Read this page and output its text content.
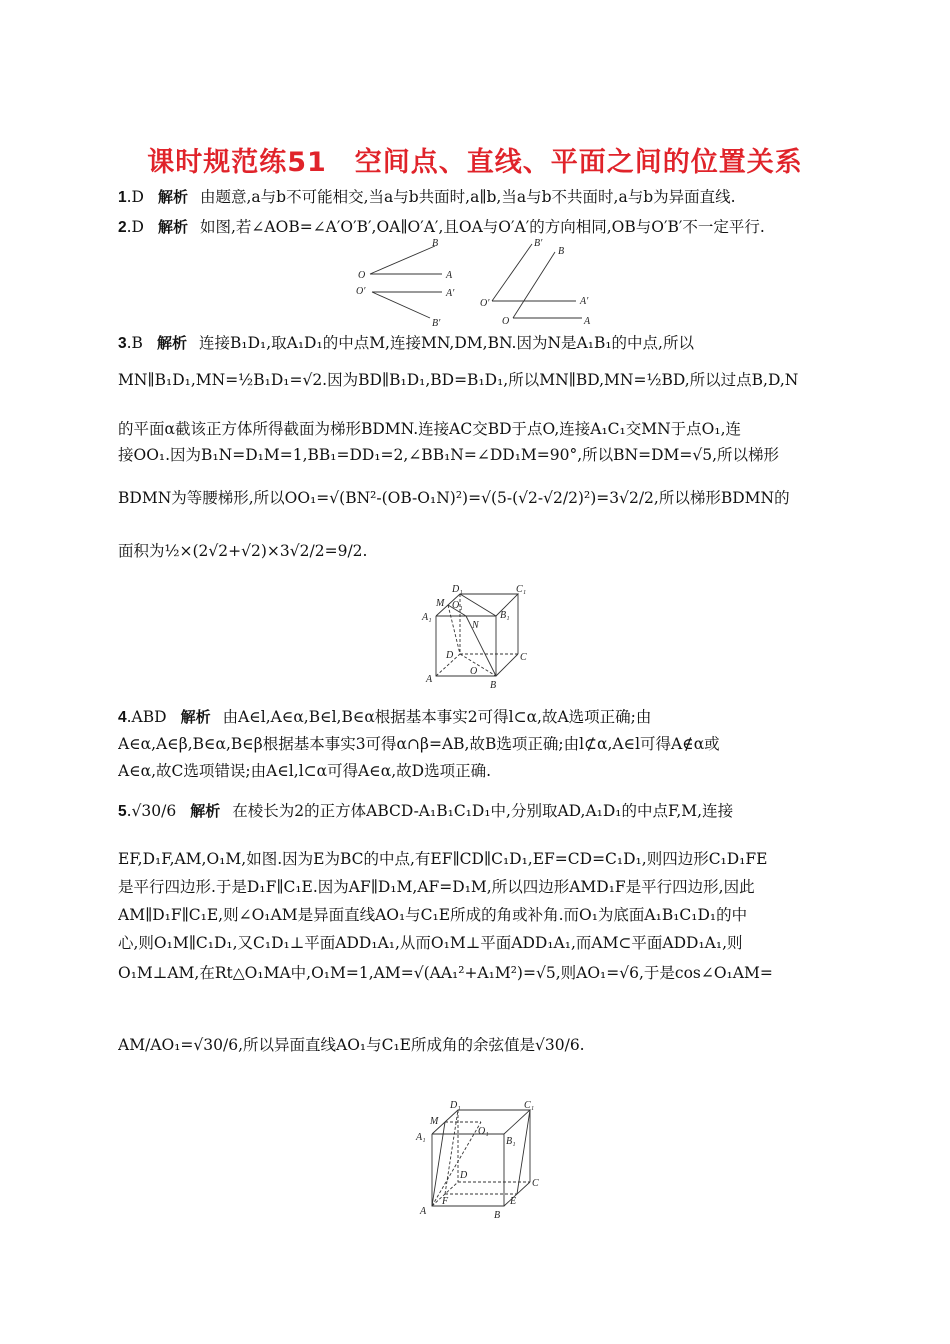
课时规范练51　空间点、直线、平面之间的位置关系
1.D 解析 由题意,a与b不可能相交,当a与b共面时,a∥b,当a与b不共面时,a与b为异面直线.
2.D 解析 如图,若∠AOB=∠A′O′B′,OA∥O′A′,且OA与O′A′的方向相同,OB与O′B′不一定平行.
B
O	A
O′	A′
B′
B′
B
O′	A′
O	A
3.B 解析 连接B₁D₁,取A₁D₁的中点M,连接MN,DM,BN.因为N是A₁B₁的中点,所以
MN∥B₁D₁,MN=½B₁D₁=√2.因为BD∥B₁D₁,BD=B₁D₁,所以MN∥BD,MN=½BD,所以过点B,D,N
的平面α截该正方体所得截面为梯形BDMN.连接AC交BD于点O,连接A₁C₁交MN于点O₁,连
接OO₁.因为B₁N=D₁M=1,BB₁=DD₁=2,∠BB₁N=∠DD₁M=90°,所以BN=DM=√5,所以梯形
BDMN为等腰梯形,所以OO₁=√(BN²-(OB-O₁N)²)=√(5-(√2-√2/2)²)=3√2/2,所以梯形BDMN的
面积为½×(2√2+√2)×3√2/2=9/2.
D₁	C₁
M O₁
A₁	B₁
N
D	C
O
A
B
4.ABD 解析 由A∈l,A∈α,B∈l,B∈α根据基本事实2可得l⊂α,故A选项正确;由
A∈α,A∈β,B∈α,B∈β根据基本事实3可得α∩β=AB,故B选项正确;由l⊄α,A∈l可得A∉α或
A∈α,故C选项错误;由A∈l,l⊂α可得A∈α,故D选项正确.
5.√30/6 解析 在棱长为2的正方体ABCD-A₁B₁C₁D₁中,分别取AD,A₁D₁的中点F,M,连接
EF,D₁F,AM,O₁M,如图.因为E为BC的中点,有EF∥CD∥C₁D₁,EF=CD=C₁D₁,则四边形C₁D₁FE
是平行四边形.于是D₁F∥C₁E.因为AF∥D₁M,AF=D₁M,所以四边形AMD₁F是平行四边形,因此
AM∥D₁F∥C₁E,则∠O₁AM是异面直线AO₁与C₁E所成的角或补角.而O₁为底面A₁B₁C₁D₁的中
心,则O₁M∥C₁D₁,又C₁D₁⊥平面ADD₁A₁,从而O₁M⊥平面ADD₁A₁,而AM⊂平面ADD₁A₁,则
O₁M⊥AM,在Rt△O₁MA中,O₁M=1,AM=√(AA₁²+A₁M²)=√5,则AO₁=√6,于是cos∠O₁AM=
AM/AO₁=√30/6,所以异面直线AO₁与C₁E所成角的余弦值是√30/6.
D₁	C₁
M
O₁
A₁	B₁
D
C
F	E
A	B
